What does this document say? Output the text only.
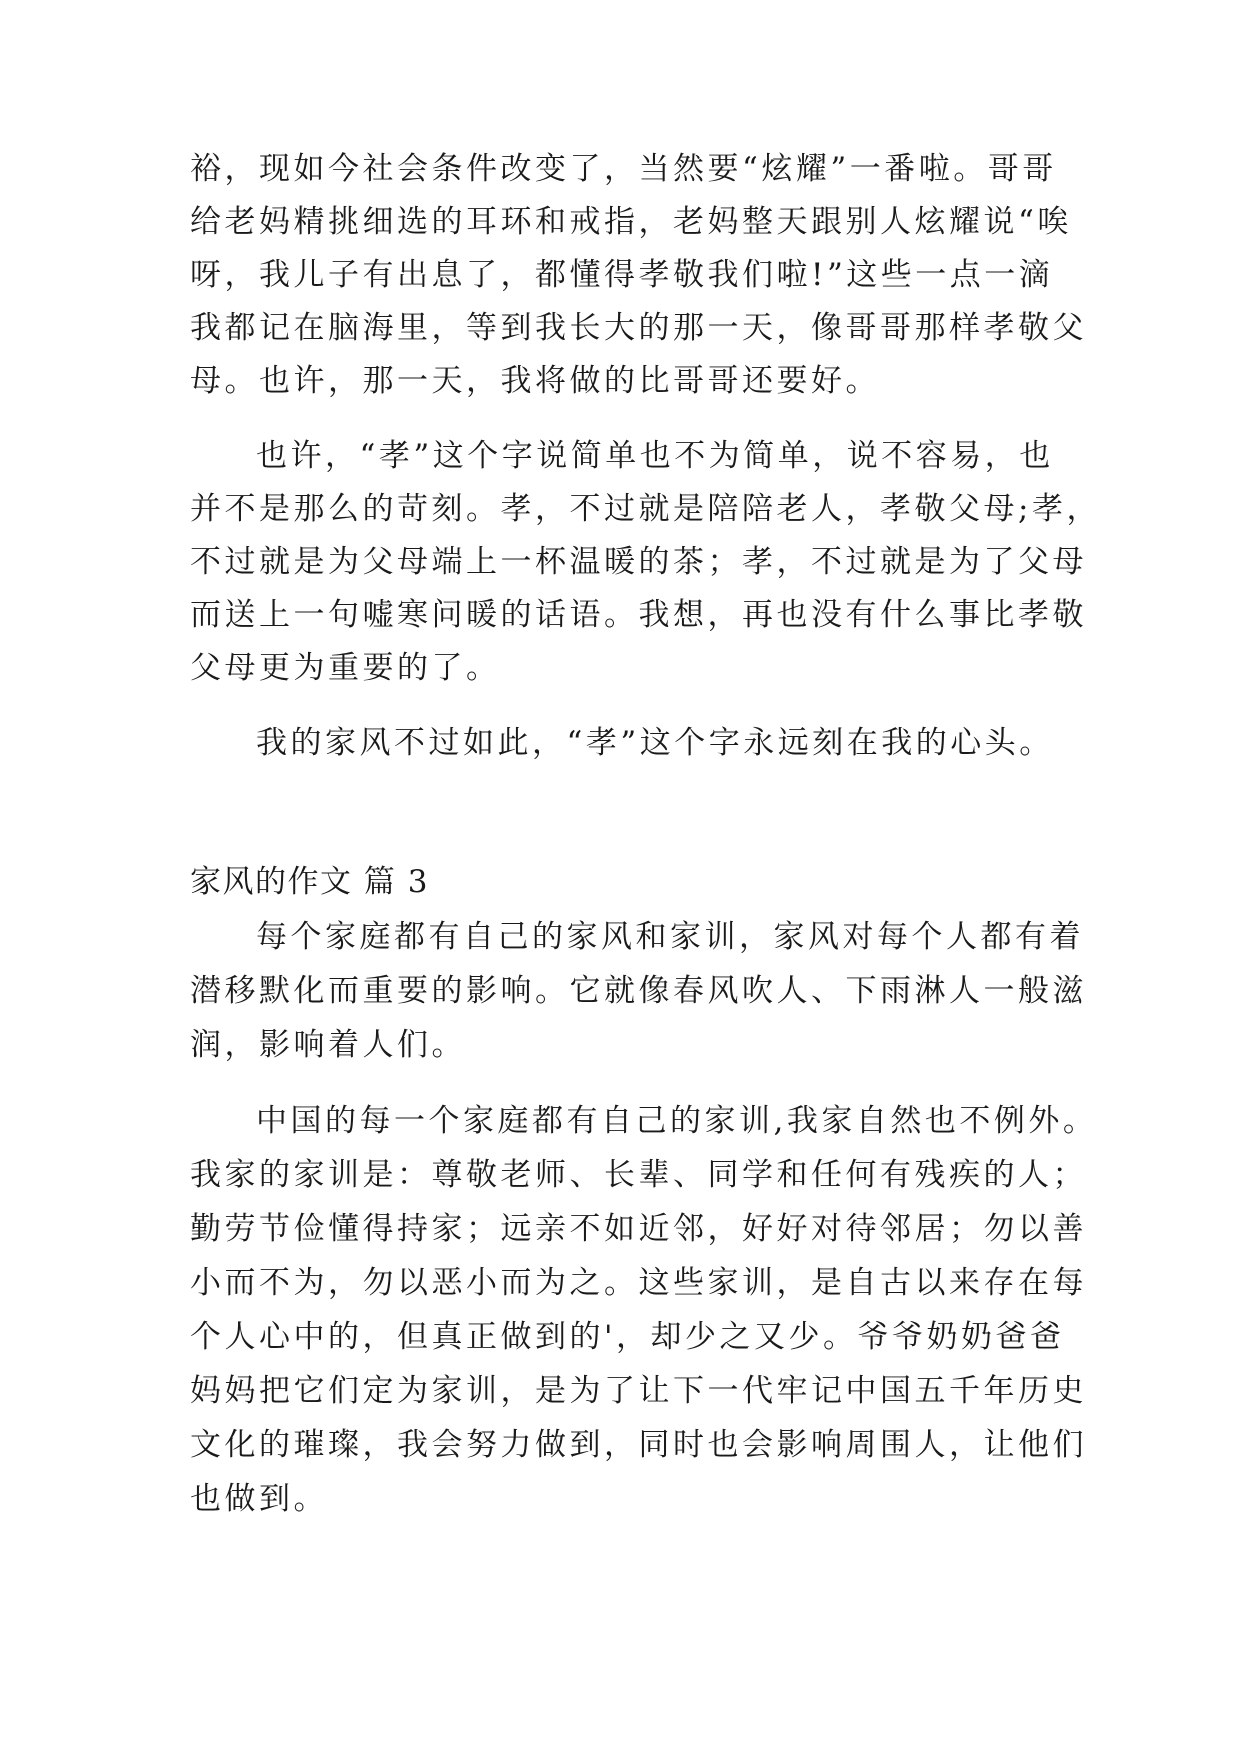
裕，现如今社会条件改变了，当然要“炫耀”一番啦。哥哥

给老妈精挑细选的耳环和戒指，老妈整天跟别人炫耀说“唉

呀，我儿子有出息了，都懂得孝敬我们啦!”这些一点一滴

我都记在脑海里，等到我长大的那一天，像哥哥那样孝敬父

母。也许，那一天，我将做的比哥哥还要好。

也许，“孝”这个字说简单也不为简单，说不容易，也

并不是那么的苛刻。孝，不过就是陪陪老人，孝敬父母;孝，

不过就是为父母端上一杯温暖的茶；孝，不过就是为了父母

而送上一句嘘寒问暖的话语。我想，再也没有什么事比孝敬

父母更为重要的了。

我的家风不过如此，“孝”这个字永远刻在我的心头。

家风的作文 篇 3

每个家庭都有自己的家风和家训，家风对每个人都有着

潜移默化而重要的影响。它就像春风吹人、下雨淋人一般滋

润，影响着人们。

中国的每一个家庭都有自己的家训,我家自然也不例外。

我家的家训是：尊敬老师、长辈、同学和任何有残疾的人；

勤劳节俭懂得持家；远亲不如近邻，好好对待邻居；勿以善

小而不为，勿以恶小而为之。这些家训，是自古以来存在每

个人心中的，但真正做到的'，却少之又少。爷爷奶奶爸爸

妈妈把它们定为家训，是为了让下一代牢记中国五千年历史

文化的璀璨，我会努力做到，同时也会影响周围人，让他们

也做到。
